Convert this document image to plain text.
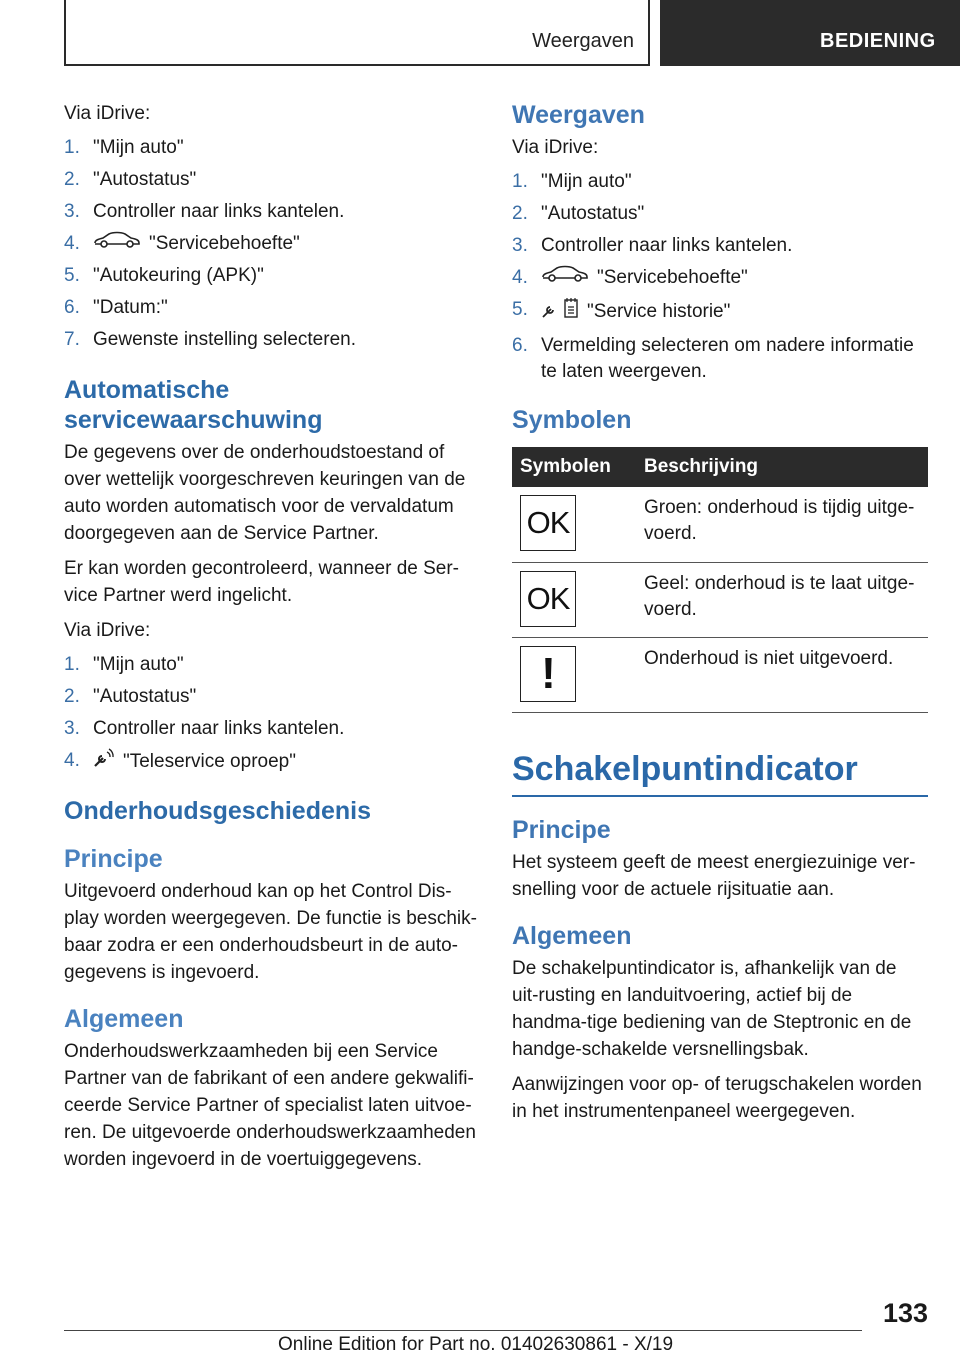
Weergaven	BEDIENING

Via iDrive:

1. "Mijn auto"
2. "Autostatus"
3. Controller naar links kantelen.
4.	"Servicebehoefte"
5. "Autokeuring (APK)"
6. "Datum:"
7. Gewenste instelling selecteren.
Automatische servicewaarschuwing

De gegevens over de onderhoudstoestand of over wettelijk voorgeschreven keuringen van de auto worden automatisch voor de vervaldatum doorgegeven aan de Service Partner.

Er kan worden gecontroleerd, wanneer de Ser-vice Partner werd ingelicht.

Via iDrive:

1. "Mijn auto"
2. "Autostatus"
3. Controller naar links kantelen.
4. "Teleservice oproep"
Onderhoudsgeschiedenis
Principe

Uitgevoerd onderhoud kan op het Control Dis-play worden weergegeven. De functie is beschik-baar zodra er een onderhoudsbeurt in de auto-gegevens is ingevoerd.

Algemeen

Onderhoudswerkzaamheden bij een Service Partner van de fabrikant of een andere gekwalifi-ceerde Service Partner of specialist laten uitvoe-ren. De uitgevoerde onderhoudswerkzaamheden worden ingevoerd in de voertuiggegevens.

Weergaven

Via iDrive:

1. "Mijn auto"
2. "Autostatus"
3. Controller naar links kantelen.
4.	"Servicebehoefte"
5.	"Service historie"
6. Vermelding selecteren om nadere informatie te laten weergeven.
Symbolen
Symbolen	Beschrijving

OK	Groen: onderhoud is tijdig uitge-voerd.

OK	Geel: onderhoud is te laat uitge-voerd.

!	Onderhoud is niet uitgevoerd.
Schakelpuntindicator
Principe

Het systeem geeft de meest energiezuinige ver-snelling voor de actuele rijsituatie aan.

Algemeen

De schakelpuntindicator is, afhankelijk van de uit-rusting en landuitvoering, actief bij de handma-tige bediening van de Steptronic en de handge-schakelde versnellingsbak.

Aanwijzingen voor op- of terugschakelen worden in het instrumentenpaneel weergegeven.

133
Online Edition for Part no. 01402630861 - X/19
